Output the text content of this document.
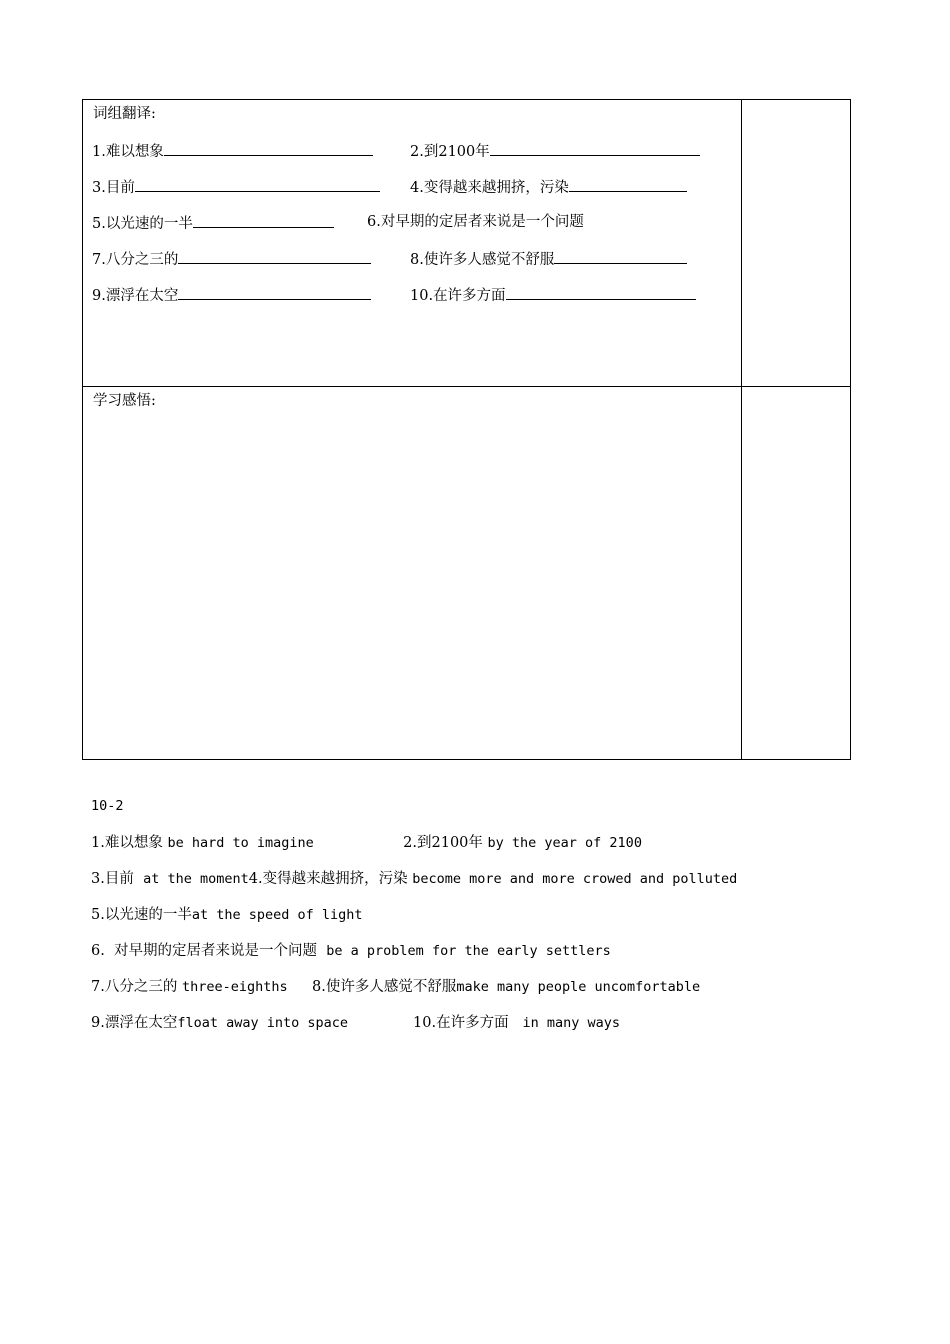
词组翻译:
1.难以想象	2.到2100年
3.目前	4.变得越来越拥挤，污染
5.以光速的一半	6.对早期的定居者来说是一个问题
7.八分之三的	8.使许多人感觉不舒服
9.漂浮在太空	10.在许多方面
学习感悟:
10-2
1.难以想象 be hard to imagine           2.到2100年 by the year of 2100
3.目前  at the moment4.变得越来越拥挤，污染 become more and more crowed and polluted
5.以光速的一半at the speed of light
6.  对早期的定居者来说是一个问题  be a problem for the early settlers
7.八分之三的 three-eighths   8.使许多人感觉不舒服make many people uncomfortable
9.漂浮在太空float away into space        10.在许多方面   in many ways
